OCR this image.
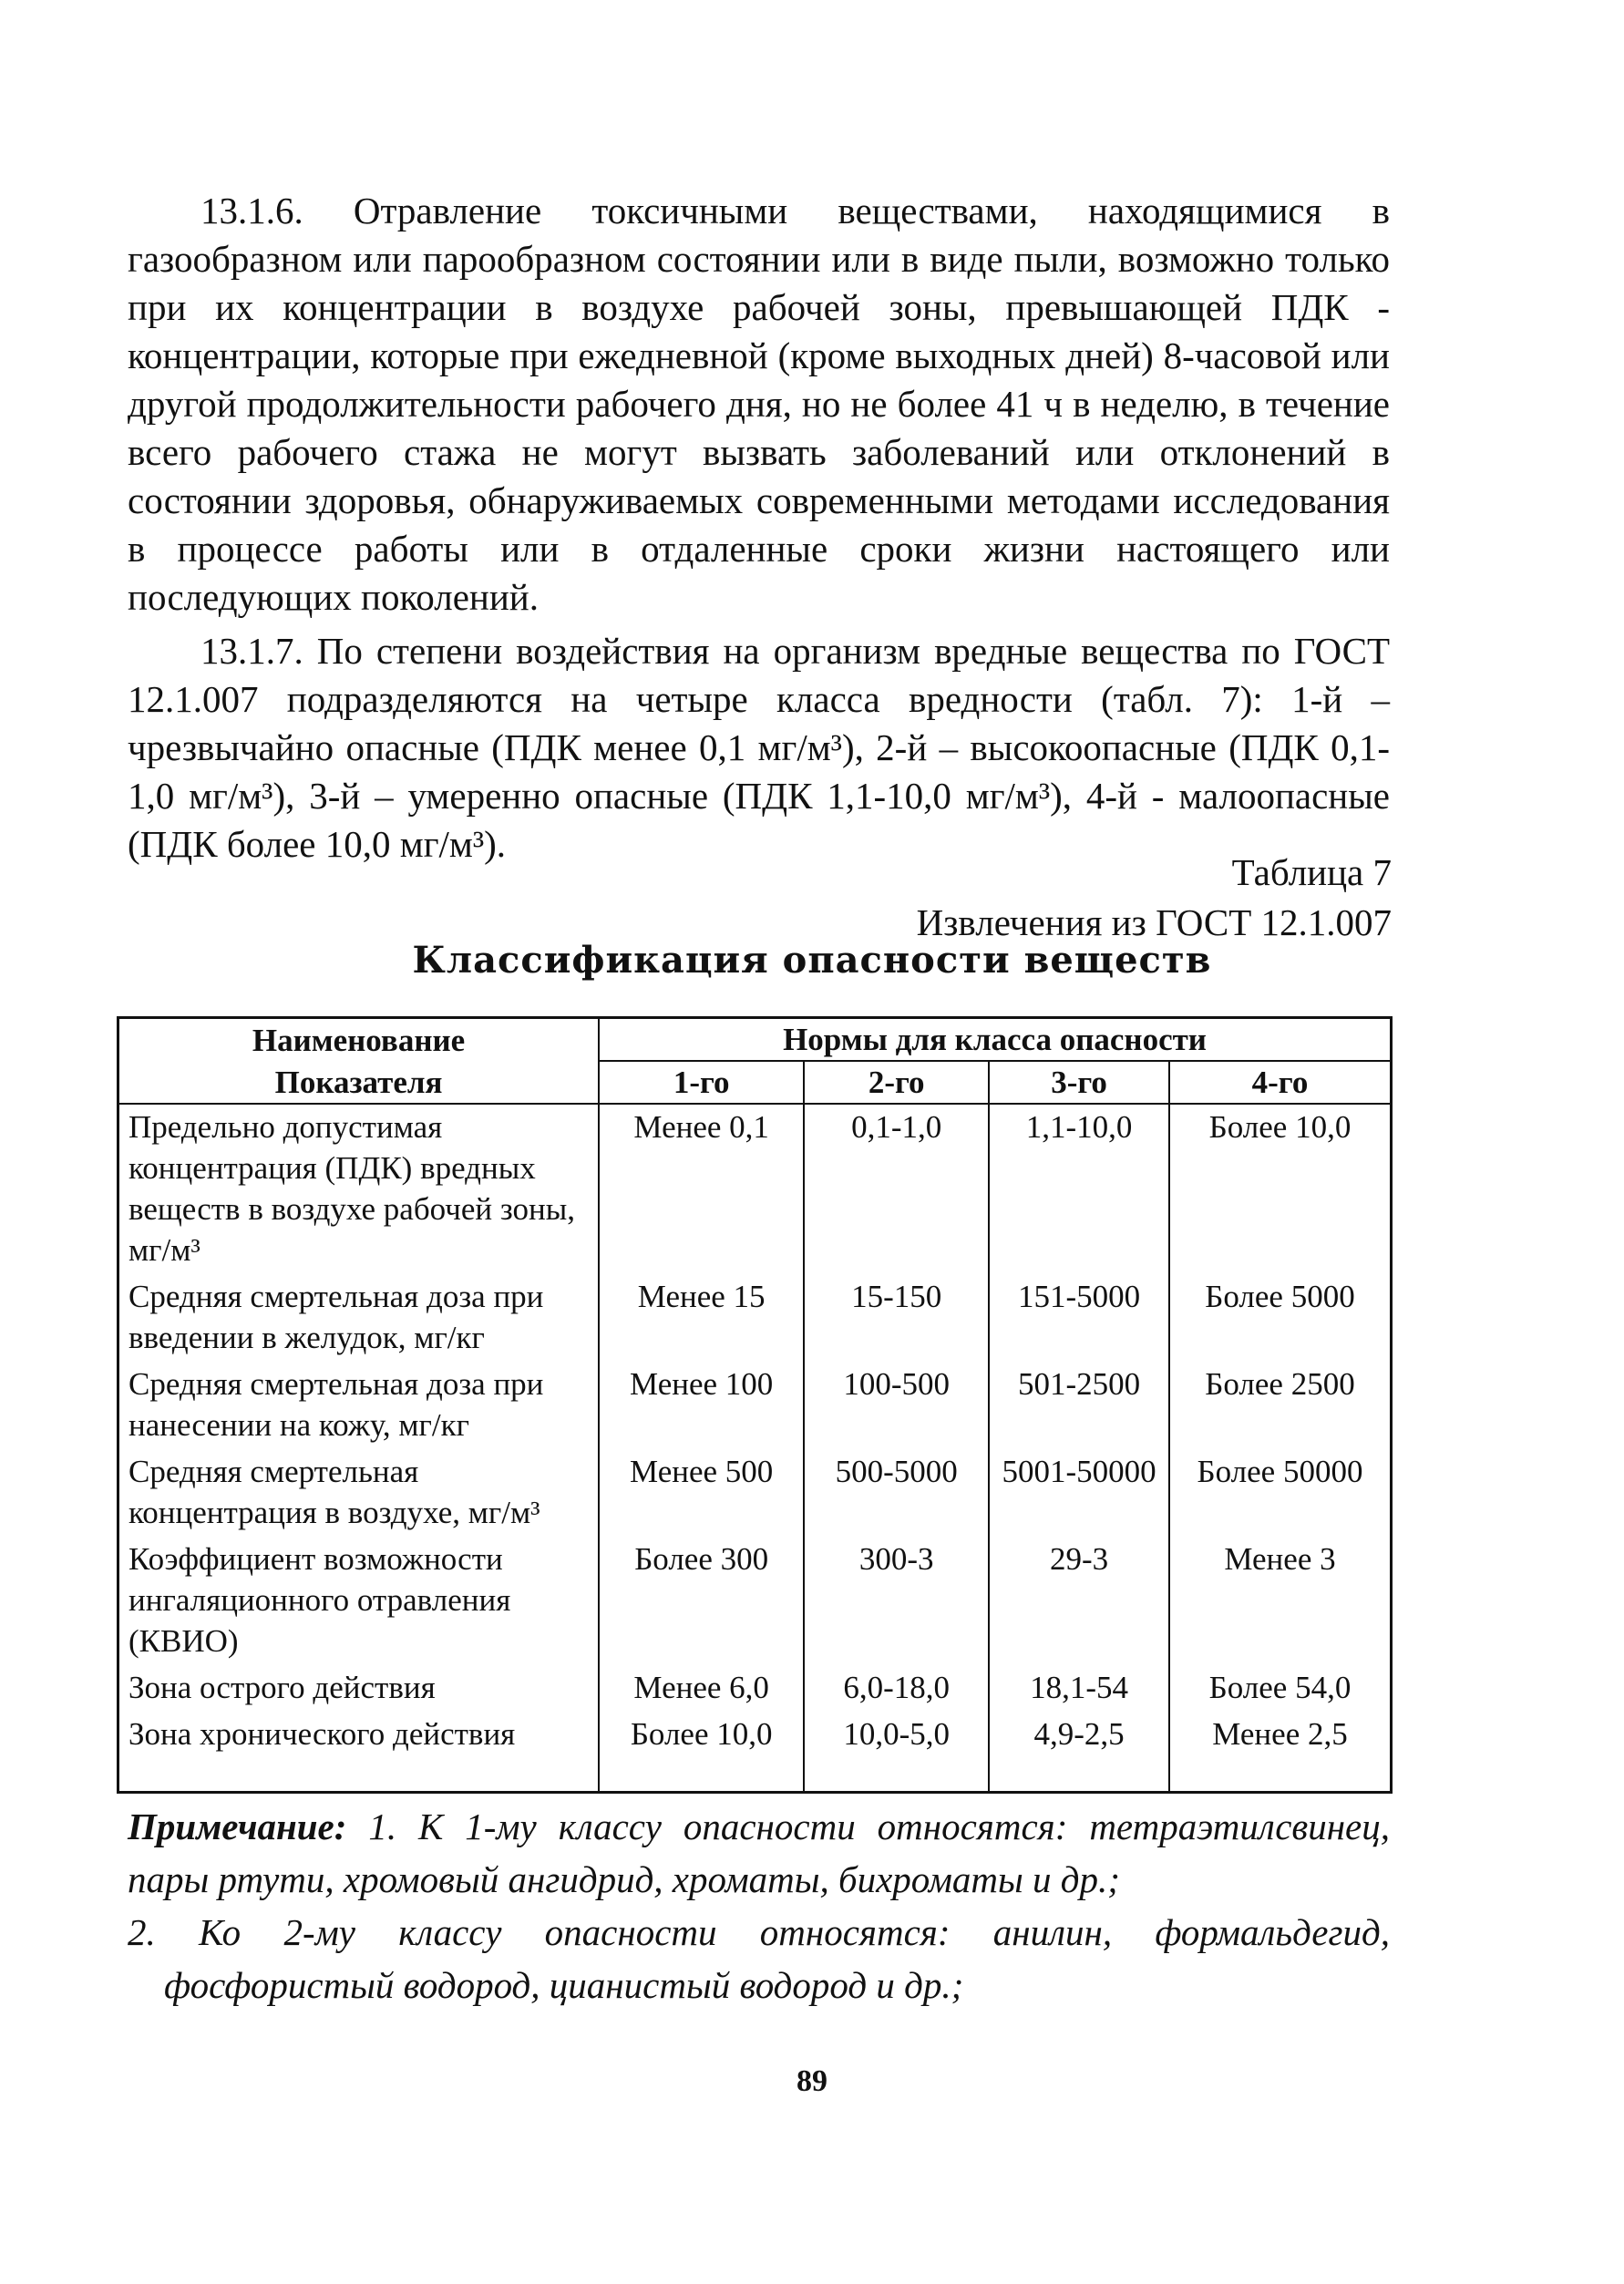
13.1.6. Отравление токсичными веществами, находящимися в газообразном или парообразном состоянии или в виде пыли, возможно только при их концентрации в воздухе рабочей зоны, превышающей ПДК - концентрации, которые при ежедневной (кроме выходных дней) 8-часовой или другой продолжительности рабочего дня, но не более 41 ч в неделю, в течение всего рабочего стажа не могут вызвать заболеваний или отклонений в состоянии здоровья, обнаруживаемых современными методами исследования в процессе работы или в отдаленные сроки жизни настоящего или последующих поколений.

13.1.7. По степени воздействия на организм вредные вещества по ГОСТ 12.1.007 подразделяются на четыре класса вредности (табл. 7): 1-й – чрезвычайно опасные (ПДК менее 0,1 мг/м³), 2-й – высокоопасные (ПДК 0,1-1,0 мг/м³), 3-й – умеренно опасные (ПДК 1,1-10,0 мг/м³), 4-й - малоопасные (ПДК более 10,0 мг/м³).

Таблица 7
Извлечения из ГОСТ 12.1.007
Классификация опасности веществ
Наименование	Нормы для класса опасности			
Показателя	1-го	2-го	3-го	4-го
Предельно допустимая концентрация (ПДК) вредных веществ в воздухе рабочей зоны, мг/м³	Менее 0,1	0,1-1,0	1,1-10,0	Более 10,0
Средняя смертельная доза при введении в желудок, мг/кг	Менее 15	15-150	151-5000	Более 5000
Средняя смертельная доза при нанесении на кожу, мг/кг	Менее 100	100-500	501-2500	Более 2500
Средняя смертельная концентрация в воздухе, мг/м³	Менее 500	500-5000	5001-50000	Более 50000
Коэффициент возможности ингаляционного отравления (КВИО)	Более 300	300-3	29-3	Менее 3
Зона острого действия	Менее 6,0	6,0-18,0	18,1-54	Более 54,0
Зона хронического действия	Более 10,0	10,0-5,0	4,9-2,5	Менее 2,5

Примечание: 1. К 1-му классу опасности относятся: тетраэтилсвинец, пары ртути, хромовый ангидрид, хроматы, бихроматы и др.;

2. Ко 2-му классу опасности относятся: анилин, формальдегид, фосфористый водород, цианистый водород и др.;

89
